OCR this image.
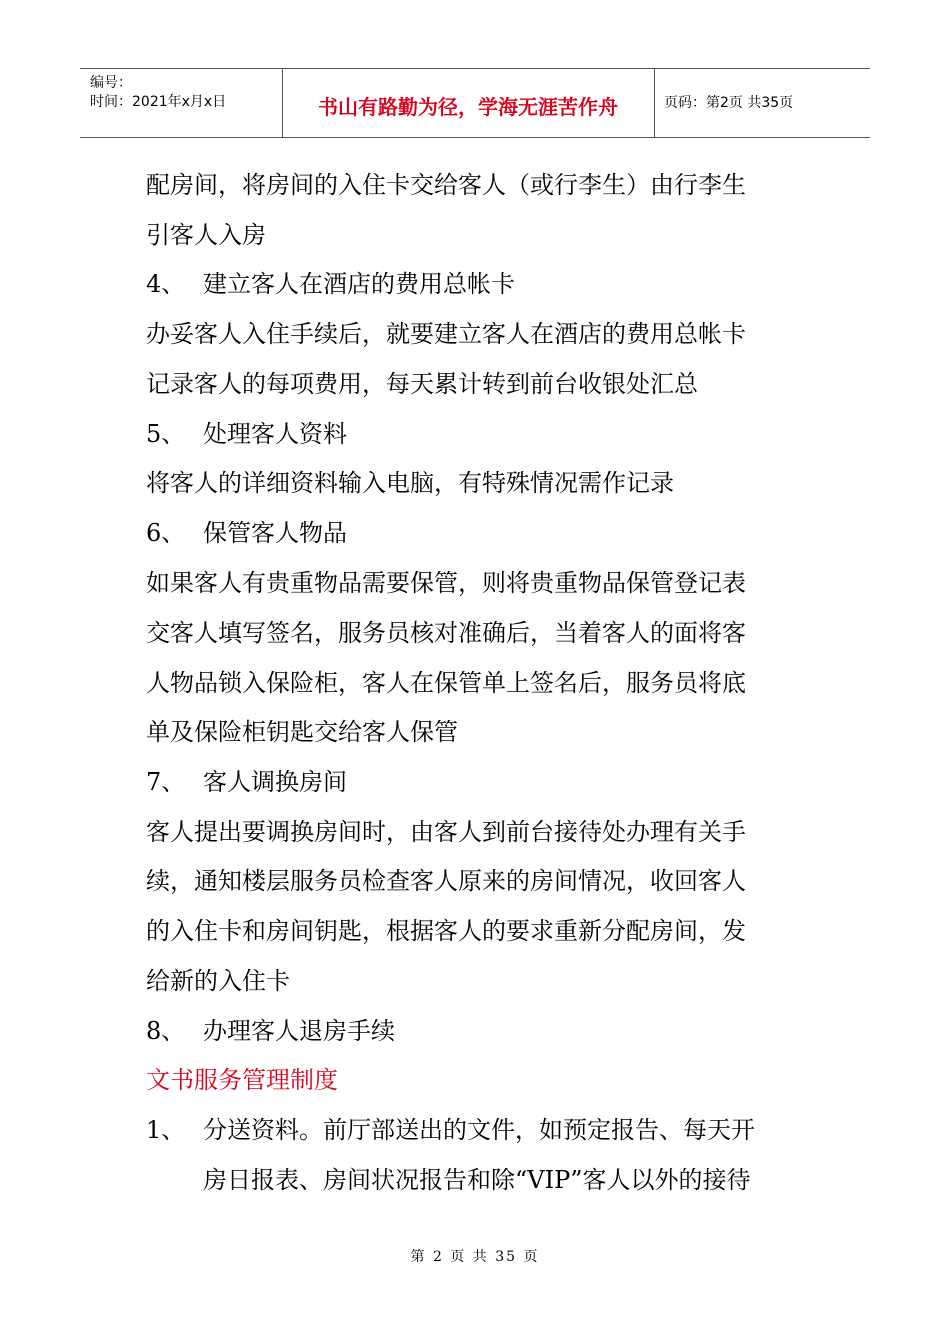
编号：
时间：2021年x月x日	书山有路勤为径，学海无涯苦作舟	页码：第2页 共35页
配房间，将房间的入住卡交给客人（或行李生）由行李生
引客人入房
4、 建立客人在酒店的费用总帐卡
办妥客人入住手续后，就要建立客人在酒店的费用总帐卡
记录客人的每项费用，每天累计转到前台收银处汇总
5、 处理客人资料
将客人的详细资料输入电脑，有特殊情况需作记录
6、 保管客人物品
如果客人有贵重物品需要保管，则将贵重物品保管登记表
交客人填写签名，服务员核对准确后，当着客人的面将客
人物品锁入保险柜，客人在保管单上签名后，服务员将底
单及保险柜钥匙交给客人保管
7、 客人调换房间
客人提出要调换房间时，由客人到前台接待处办理有关手
续，通知楼层服务员检查客人原来的房间情况，收回客人
的入住卡和房间钥匙，根据客人的要求重新分配房间，发
给新的入住卡
8、 办理客人退房手续
文书服务管理制度
1、 分送资料。前厅部送出的文件，如预定报告、每天开
房日报表、房间状况报告和除“VIP”客人以外的接待
第 2 页 共 35 页
